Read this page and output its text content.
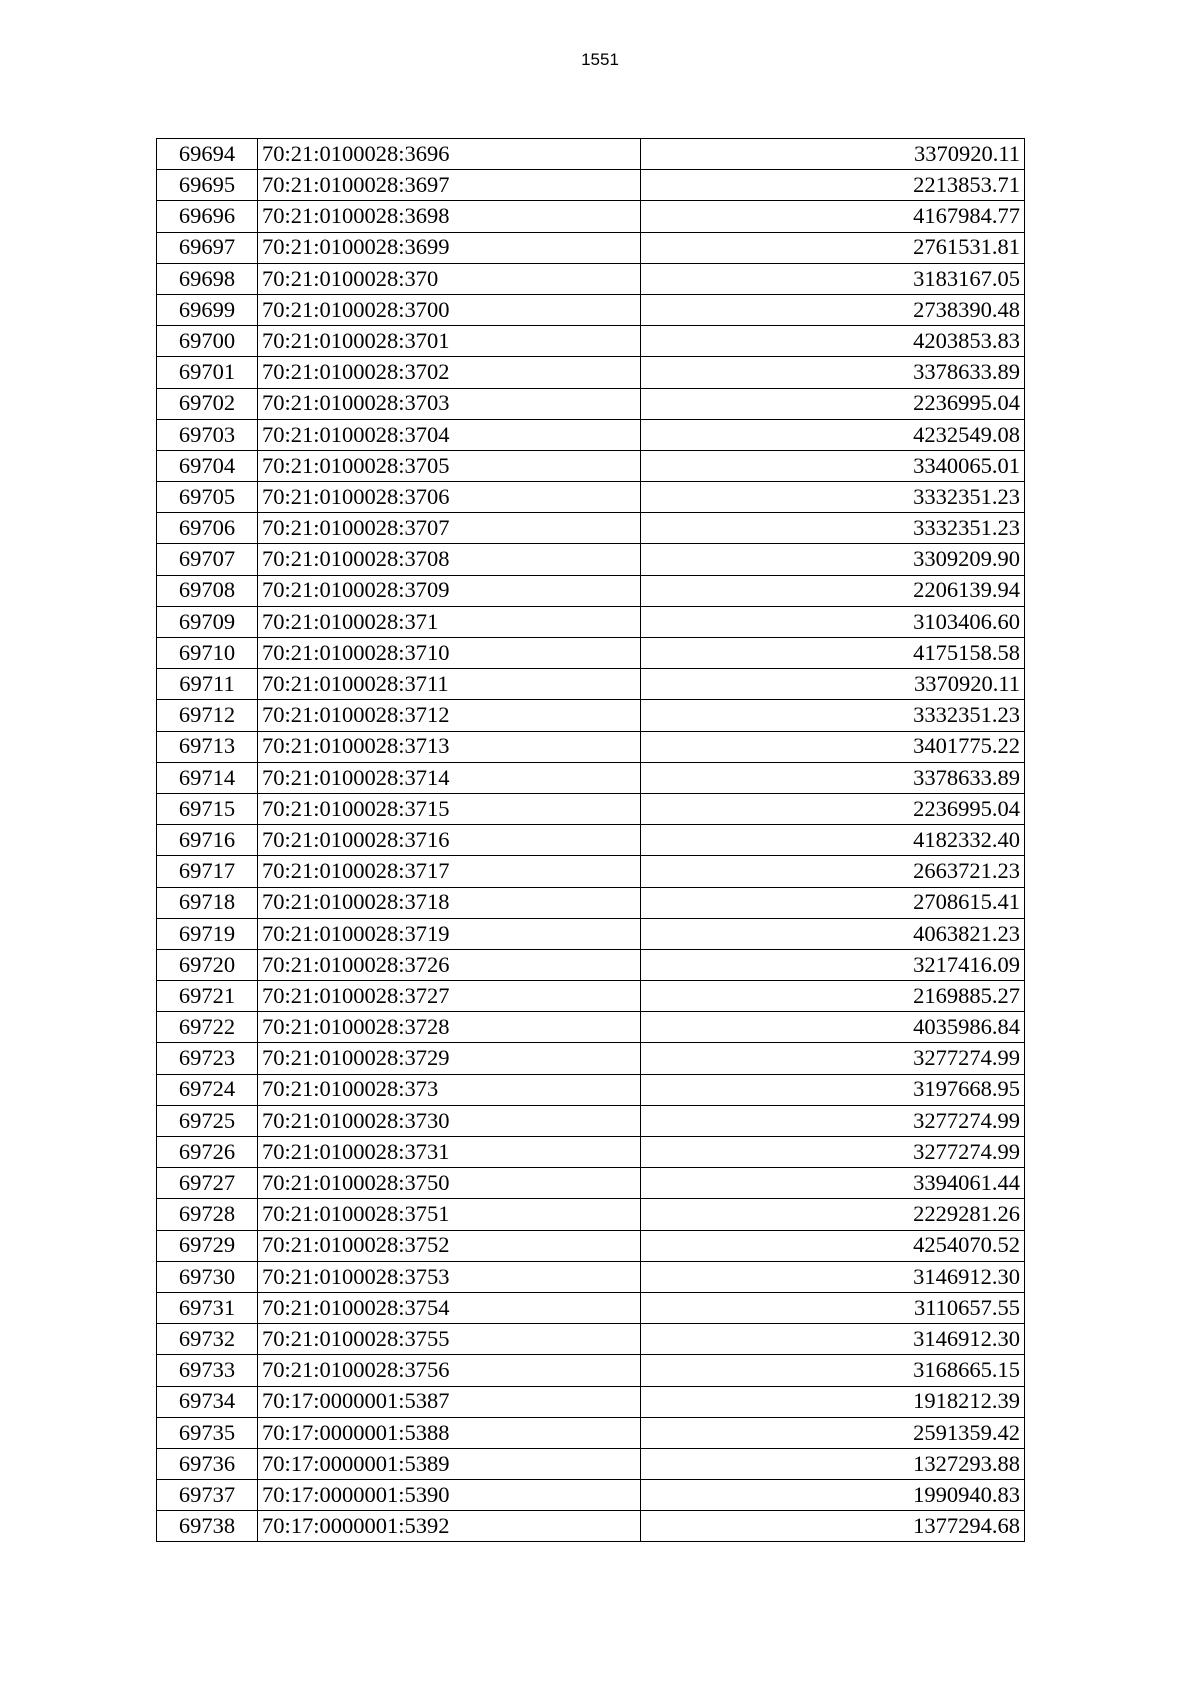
1551
69694	70:21:0100028:3696	3370920.11
69695	70:21:0100028:3697	2213853.71
69696	70:21:0100028:3698	4167984.77
69697	70:21:0100028:3699	2761531.81
69698	70:21:0100028:370	3183167.05
69699	70:21:0100028:3700	2738390.48
69700	70:21:0100028:3701	4203853.83
69701	70:21:0100028:3702	3378633.89
69702	70:21:0100028:3703	2236995.04
69703	70:21:0100028:3704	4232549.08
69704	70:21:0100028:3705	3340065.01
69705	70:21:0100028:3706	3332351.23
69706	70:21:0100028:3707	3332351.23
69707	70:21:0100028:3708	3309209.90
69708	70:21:0100028:3709	2206139.94
69709	70:21:0100028:371	3103406.60
69710	70:21:0100028:3710	4175158.58
69711	70:21:0100028:3711	3370920.11
69712	70:21:0100028:3712	3332351.23
69713	70:21:0100028:3713	3401775.22
69714	70:21:0100028:3714	3378633.89
69715	70:21:0100028:3715	2236995.04
69716	70:21:0100028:3716	4182332.40
69717	70:21:0100028:3717	2663721.23
69718	70:21:0100028:3718	2708615.41
69719	70:21:0100028:3719	4063821.23
69720	70:21:0100028:3726	3217416.09
69721	70:21:0100028:3727	2169885.27
69722	70:21:0100028:3728	4035986.84
69723	70:21:0100028:3729	3277274.99
69724	70:21:0100028:373	3197668.95
69725	70:21:0100028:3730	3277274.99
69726	70:21:0100028:3731	3277274.99
69727	70:21:0100028:3750	3394061.44
69728	70:21:0100028:3751	2229281.26
69729	70:21:0100028:3752	4254070.52
69730	70:21:0100028:3753	3146912.30
69731	70:21:0100028:3754	3110657.55
69732	70:21:0100028:3755	3146912.30
69733	70:21:0100028:3756	3168665.15
69734	70:17:0000001:5387	1918212.39
69735	70:17:0000001:5388	2591359.42
69736	70:17:0000001:5389	1327293.88
69737	70:17:0000001:5390	1990940.83
69738	70:17:0000001:5392	1377294.68
